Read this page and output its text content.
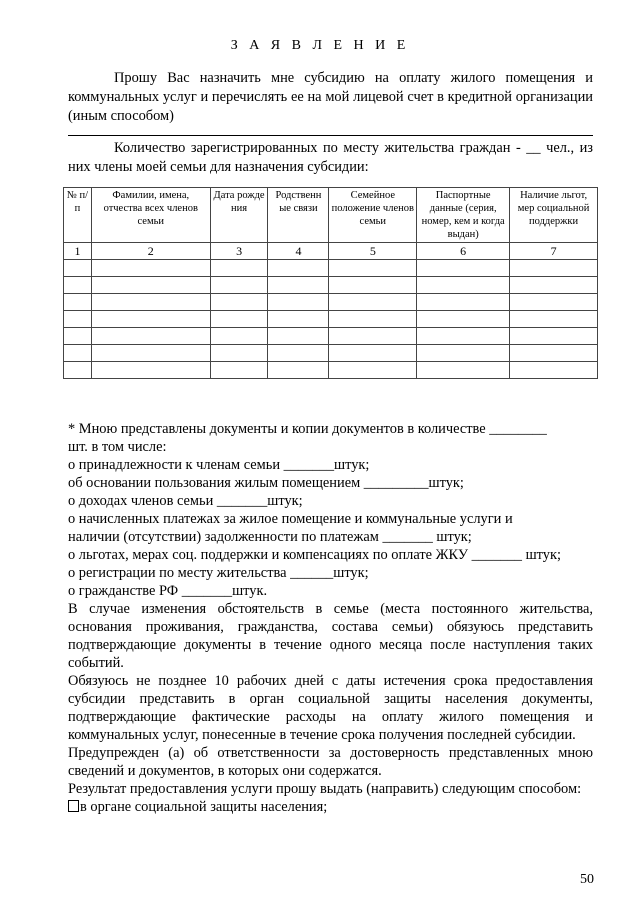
З А Я В Л Е Н И Е
Прошу Вас назначить мне субсидию на оплату жилого помещения и коммунальных услуг и перечислять ее на мой лицевой счет в кредитной организации (иным способом)
Количество зарегистрированных по месту жительства граждан - __ чел., из них члены моей семьи для назначения субсидии:
№ п/п	Фамилии, имена, отчества всех членов семьи	Дата рожде ния	Родственн ые связи	Семейное положение членов семьи	Паспортные данные (серия, номер, кем и когда выдан)	Наличие льгот, мер социальной поддержки
1	2	3	4	5	6	7

* Мною представлены документы и копии документов в количестве ________
шт. в том числе:
о принадлежности к членам семьи _______штук;
об основании пользования жилым помещением _________штук;
о доходах членов семьи _______штук;
о начисленных платежах за жилое помещение и коммунальные услуги и
наличии (отсутствии) задолженности по платежам _______ штук;
о льготах, мерах соц. поддержки и компенсациях по оплате ЖКУ _______ штук;
о регистрации по месту жительства ______штук;
о гражданстве РФ _______штук.
В случае изменения обстоятельств в семье (места постоянного жительства, основания проживания, гражданства, состава семьи) обязуюсь представить подтверждающие документы в течение одного месяца после наступления таких событий.
Обязуюсь не позднее 10 рабочих дней с даты истечения срока предоставления субсидии представить в орган социальной защиты населения документы, подтверждающие фактические расходы на оплату жилого помещения и коммунальных услуг, понесенные в течение срока получения последней субсидии.
Предупрежден (а) об ответственности за достоверность представленных мною сведений и документов, в которых они содержатся.
Результат предоставления услуги прошу выдать (направить) следующим способом:
в органе социальной защиты населения;
50
